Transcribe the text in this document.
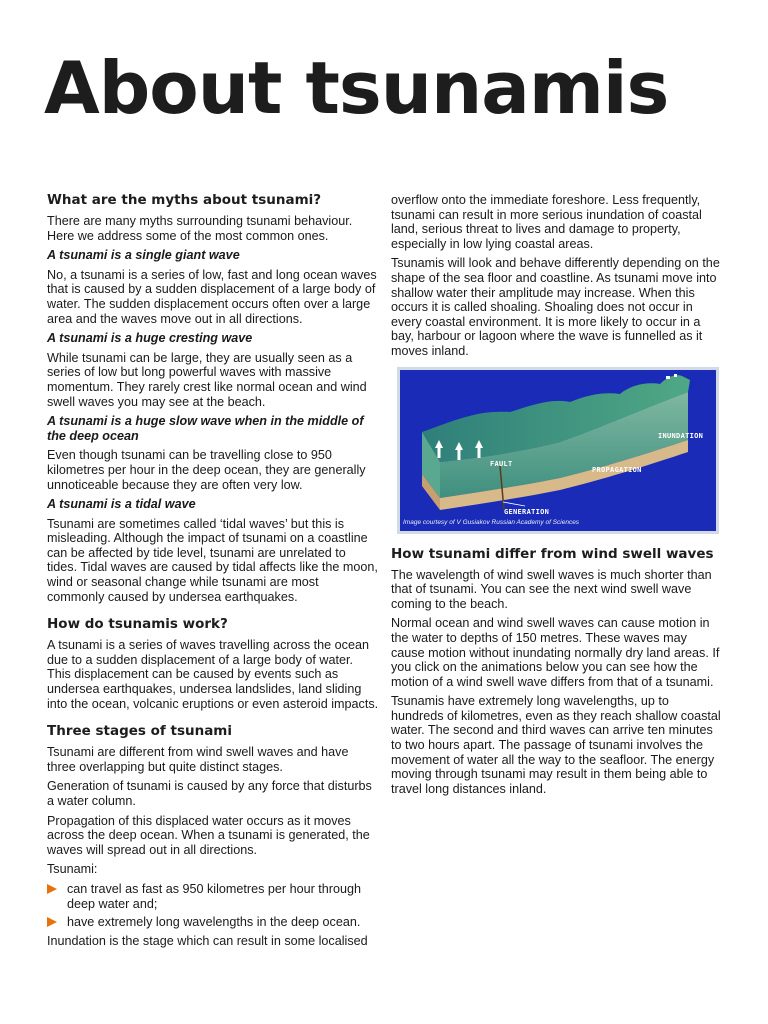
About tsunamis
What are the myths about tsunami?

There are many myths surrounding tsunami behaviour. Here we address some of the most common ones.

A tsunami is a single giant wave

No, a tsunami is a series of low, fast and long ocean waves that is caused by a sudden displacement of a large body of water. The sudden displacement occurs often over a large area and the waves move out in all directions.

A tsunami is a huge cresting wave

While tsunami can be large, they are usually seen as a series of low but long powerful waves with massive momentum. They rarely crest like normal ocean and wind swell waves you may see at the beach.

A tsunami is a huge slow wave when in the middle of the deep ocean

Even though tsunami can be travelling close to 950 kilometres per hour in the deep ocean, they are generally unnoticeable because they are often very low.

A tsunami is a tidal wave

Tsunami are sometimes called ‘tidal waves’ but this is misleading. Although the impact of tsunami on a coastline can be affected by tide level, tsunami are unrelated to tides. Tidal waves are caused by tidal affects like the moon, wind or seasonal change while tsunami are most commonly caused by undersea earthquakes.

How do tsunamis work?

A tsunami is a series of waves travelling across the ocean due to a sudden displacement of a large body of water. This displacement can be caused by events such as undersea earthquakes, undersea landslides, land sliding into the ocean, volcanic eruptions or even asteroid impacts.

Three stages of tsunami

Tsunami are different from wind swell waves and have three overlapping but quite distinct stages.

Generation of tsunami is caused by any force that disturbs a water column.

Propagation of this displaced water occurs as it moves across the deep ocean. When a tsunami is generated, the waves will spread out in all directions.

Tsunami:

can travel as fast as 950 kilometres per hour through deep water and;
have extremely long wavelengths in the deep ocean.

Inundation is the stage which can result in some localised

overflow onto the immediate foreshore. Less frequently, tsunami can result in more serious inundation of coastal land, serious threat to lives and damage to property, especially in low lying coastal areas.

Tsunamis will look and behave differently depending on the shape of the sea floor and coastline. As tsunami move into shallow water their amplitude may increase. When this occurs it is called shoaling. Shoaling does not occur in every coastal environment. It is more likely to occur in a bay, harbour or lagoon where the wave is funnelled as it moves inland.

INUNDATION
FAULT
PROPAGATION
GENERATION
Image courtesy of V Gusiakov Russian Academy of Sciences
How tsunami differ from wind swell waves

The wavelength of wind swell waves is much shorter than that of tsunami. You can see the next wind swell wave coming to the beach.

Normal ocean and wind swell waves can cause motion in the water to depths of 150 metres. These waves may cause motion without inundating normally dry land areas. If you click on the animations below you can see how the motion of a wind swell wave differs from that of a tsunami.

Tsunamis have extremely long wavelengths, up to hundreds of kilometres, even as they reach shallow coastal water. The second and third waves can arrive ten minutes to two hours apart. The passage of tsunami involves the movement of water all the way to the seafloor. The energy moving through tsunami may result in them being able to travel long distances inland.
